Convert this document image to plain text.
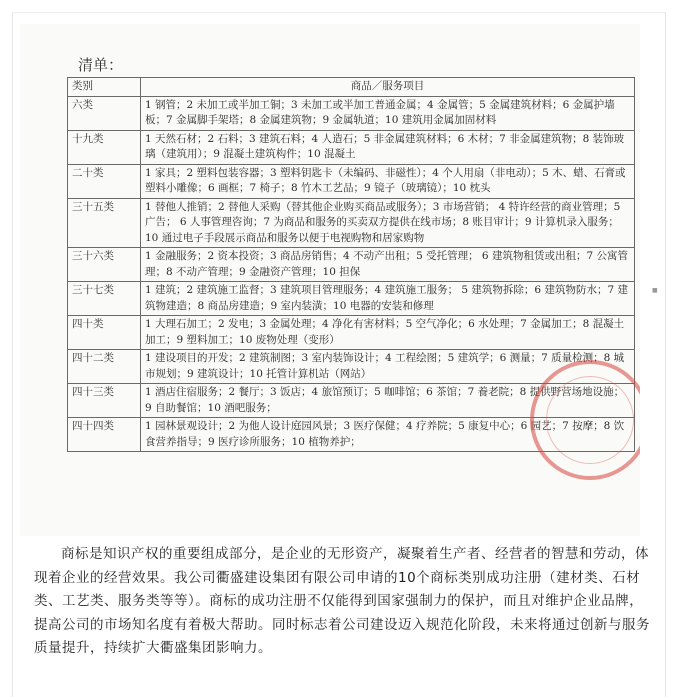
清单：
类别	商品／服务项目
六类	1 钢管；2 未加工或半加工铜；3 未加工或半加工普通金属；4 金属管；5 金属建筑材料；6 金属护墙板；7 金属脚手架塔；8 金属建筑物；9 金属轨道；10 建筑用金属加固材料
十九类	1 天然石材；2 石料；3 建筑石料；4 人造石；5 非金属建筑材料；6 木材；7 非金属建筑物；8 装饰玻璃（建筑用）；9 混凝土建筑构件；10 混凝土
二十类	1 家具；2 塑料包装容器；3 塑料钥匙卡（未编码、非磁性）；4 个人用扇（非电动）；5 木、蜡、石膏或塑料小雕像；6 画框；7 椅子；8 竹木工艺品；9 镜子（玻璃镜）；10 枕头
三十五类	1 替他人推销；2 替他人采购（替其他企业购买商品或服务）；3 市场营销； 4 特许经营的商业管理；5 广告； 6 人事管理咨询；7 为商品和服务的买卖双方提供在线市场；8 账目审计；9 计算机录入服务；10 通过电子手段展示商品和服务以便于电视购物和居家购物
三十六类	1 金融服务；2 资本投资；3 商品房销售；4 不动产出租；5 受托管理； 6 建筑物租赁或出租；7 公寓管理；8 不动产管理；9 金融资产管理；10 担保
三十七类	1 建筑；2 建筑施工监督；3 建筑项目管理服务；4 建筑施工服务； 5 建筑物拆除；6 建筑物防水；7 建筑物建造；8 商品房建造；9 室内装潢；10 电器的安装和修理
四十类	1 大理石加工；2 发电；3 金属处理；4 净化有害材料；5 空气净化；6 水处理；7 金属加工；8 混凝土加工；9 塑料加工；10 废物处理（变形）
四十二类	1 建设项目的开发；2 建筑制图；3 室内装饰设计；4 工程绘图；5 建筑学；6 测量；7 质量检测；8 城市规划；9 建筑设计；10 托管计算机站（网站）
四十三类	1 酒店住宿服务；2 餐厅；3 饭店；4 旅馆预订；5 咖啡馆；6 茶馆；7 養老院；8 提供野营场地设施；9 自助餐馆；10 酒吧服务；
四十四类	1 园林景观设计；2 为他人设计庭园风景；3 医疗保健；4 疗养院；5 康复中心；6 园艺；7 按摩；8 饮食营养指导；9 医疗诊所服务；10 植物养护；
■

商标是知识产权的重要组成部分，是企业的无形资产，凝聚着生产者、经营者的智慧和劳动，体现着企业的经营效果。我公司衢盛建设集团有限公司申请的10个商标类别成功注册（建材类、石材类、工艺类、服务类等等）。商标的成功注册不仅能得到国家强制力的保护，而且对维护企业品牌，提高公司的市场知名度有着极大帮助。同时标志着公司建设迈入规范化阶段，未来将通过创新与服务质量提升，持续扩大衢盛集团影响力。
